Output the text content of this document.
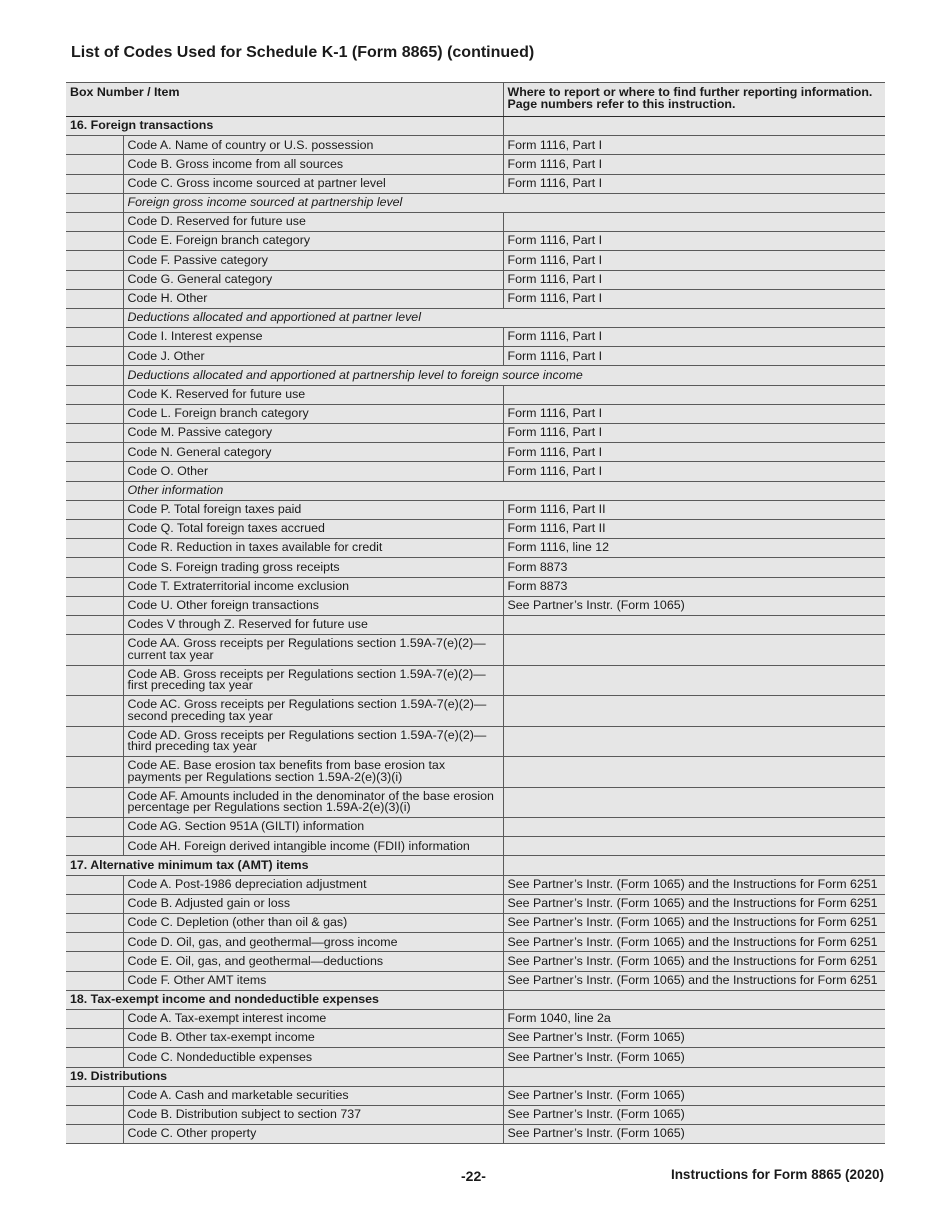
List of Codes Used for Schedule K-1 (Form 8865) (continued)
Box Number / Item		Where to report or where to find further reporting information. Page numbers refer to this instruction.
16. Foreign transactions		
	Code A. Name of country or U.S. possession	Form 1116, Part I
	Code B. Gross income from all sources	Form 1116, Part I
	Code C. Gross income sourced at partner level	Form 1116, Part I
	Foreign gross income sourced at partnership level	
	Code D. Reserved for future use	
	Code E. Foreign branch category	Form 1116, Part I
	Code F. Passive category	Form 1116, Part I
	Code G. General category	Form 1116, Part I
	Code H. Other	Form 1116, Part I
	Deductions allocated and apportioned at partner level	
	Code I. Interest expense	Form 1116, Part I
	Code J. Other	Form 1116, Part I
	Deductions allocated and apportioned at partnership level to foreign source income	
	Code K. Reserved for future use	
	Code L. Foreign branch category	Form 1116, Part I
	Code M. Passive category	Form 1116, Part I
	Code N. General category	Form 1116, Part I
	Code O. Other	Form 1116, Part I
	Other information	
	Code P. Total foreign taxes paid	Form 1116, Part II
	Code Q. Total foreign taxes accrued	Form 1116, Part II
	Code R. Reduction in taxes available for credit	Form 1116, line 12
	Code S. Foreign trading gross receipts	Form 8873
	Code T. Extraterritorial income exclusion	Form 8873
	Code U. Other foreign transactions	See Partner’s Instr. (Form 1065)
	Codes V through Z. Reserved for future use	
	Code AA. Gross receipts per Regulations section 1.59A-7(e)(2)—current tax year	
	Code AB. Gross receipts per Regulations section 1.59A-7(e)(2)—first preceding tax year	
	Code AC. Gross receipts per Regulations section 1.59A-7(e)(2)—second preceding tax year	
	Code AD. Gross receipts per Regulations section 1.59A-7(e)(2)—third preceding tax year	
	Code AE. Base erosion tax benefits from base erosion tax payments per Regulations section 1.59A-2(e)(3)(i)	
	Code AF. Amounts included in the denominator of the base erosion percentage per Regulations section 1.59A-2(e)(3)(i)	
	Code AG. Section 951A (GILTI) information	
	Code AH. Foreign derived intangible income (FDII) information	
17. Alternative minimum tax (AMT) items		
	Code A. Post-1986 depreciation adjustment	See Partner’s Instr. (Form 1065) and the Instructions for Form 6251
	Code B. Adjusted gain or loss	See Partner’s Instr. (Form 1065) and the Instructions for Form 6251
	Code C. Depletion (other than oil & gas)	See Partner’s Instr. (Form 1065) and the Instructions for Form 6251
	Code D. Oil, gas, and geothermal—gross income	See Partner’s Instr. (Form 1065) and the Instructions for Form 6251
	Code E. Oil, gas, and geothermal—deductions	See Partner’s Instr. (Form 1065) and the Instructions for Form 6251
	Code F. Other AMT items	See Partner’s Instr. (Form 1065) and the Instructions for Form 6251
18. Tax-exempt income and nondeductible expenses		
	Code A. Tax-exempt interest income	Form 1040, line 2a
	Code B. Other tax-exempt income	See Partner’s Instr. (Form 1065)
	Code C. Nondeductible expenses	See Partner’s Instr. (Form 1065)
19. Distributions		
	Code A. Cash and marketable securities	See Partner’s Instr. (Form 1065)
	Code B. Distribution subject to section 737	See Partner’s Instr. (Form 1065)
	Code C. Other property	See Partner’s Instr. (Form 1065)
-22-	Instructions for Form 8865 (2020)
